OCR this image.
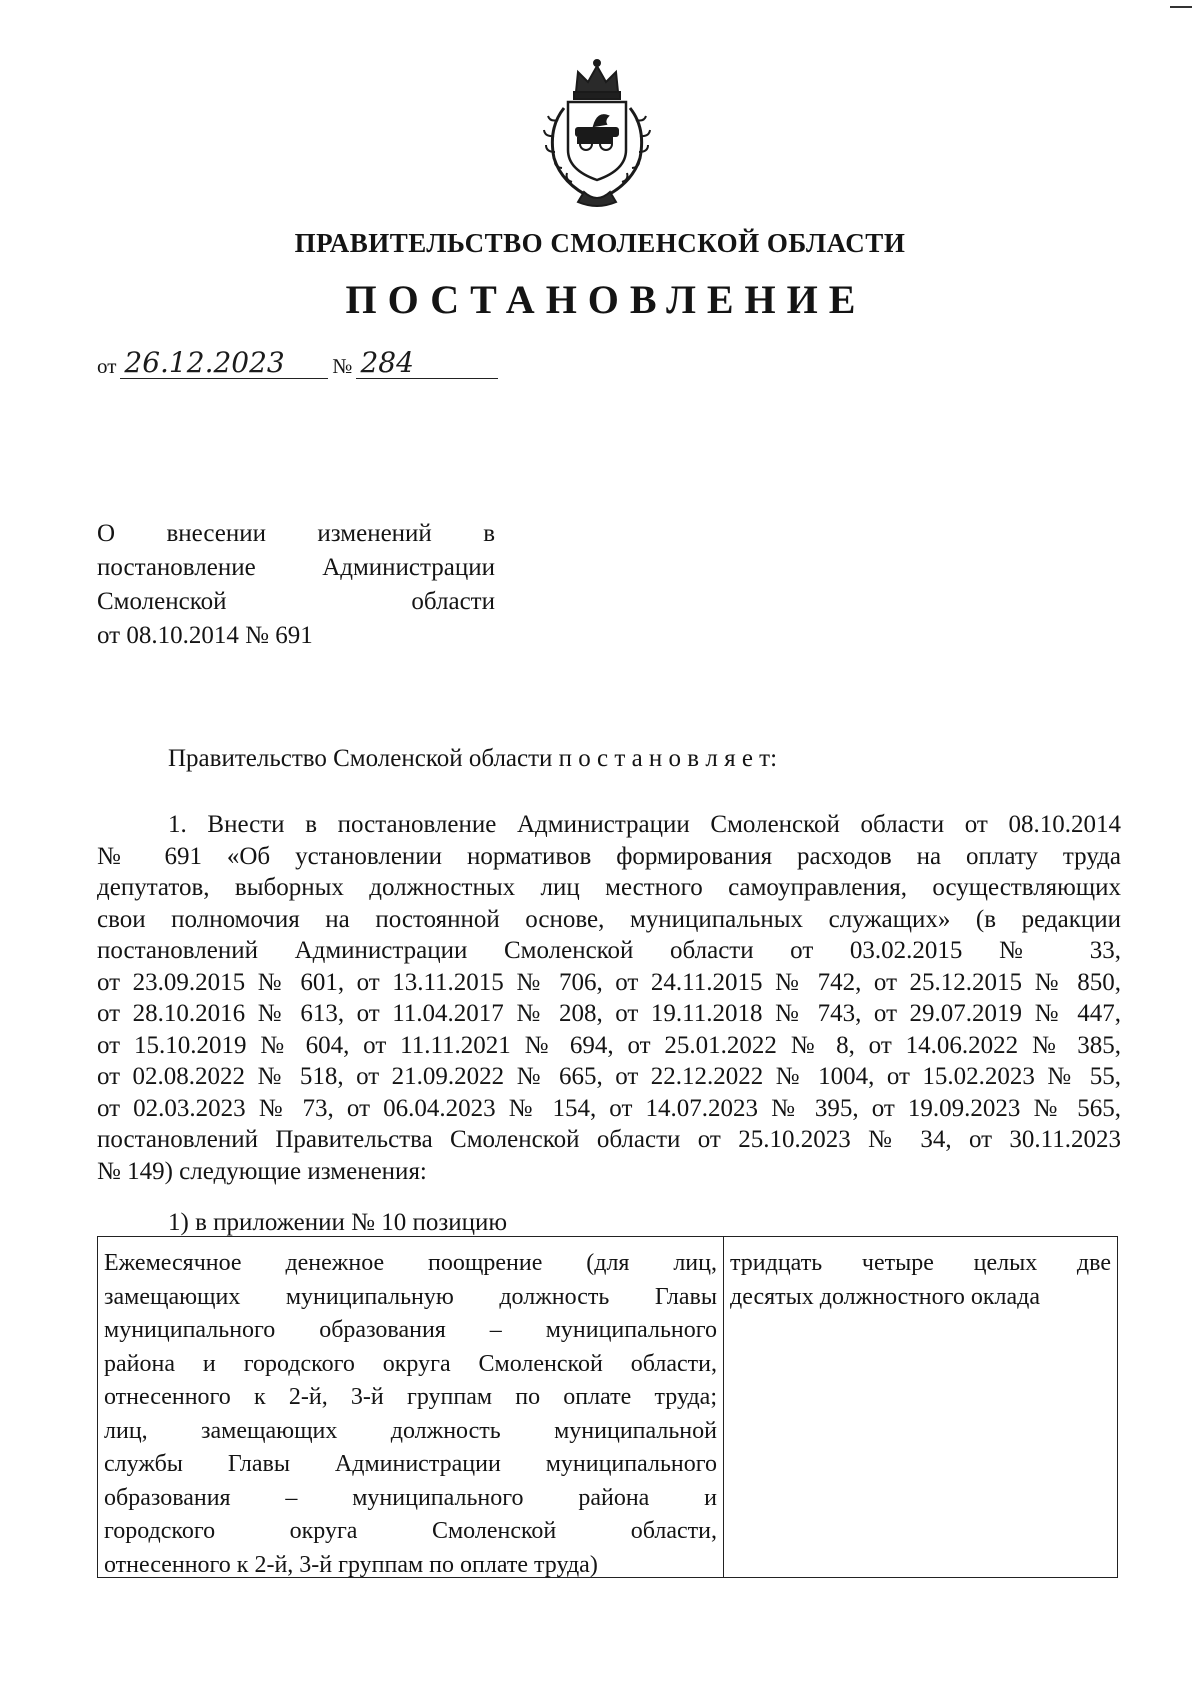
ПРАВИТЕЛЬСТВО СМОЛЕНСКОЙ ОБЛАСТИ
ПОСТАНОВЛЕНИЕ
от 26.12.2023	№ 284
О внесении изменений в
постановление Администрации
Смоленской области
от 08.10.2014 № 691
Правительство Смоленской области п о с т а н о в л я е т:
1. Внести в постановление Администрации Смоленской области от 08.10.2014
№ 691 «Об установлении нормативов формирования расходов на оплату труда
депутатов, выборных должностных лиц местного самоуправления, осуществляющих
свои полномочия на постоянной основе, муниципальных служащих» (в редакции
постановлений Администрации Смоленской области от 03.02.2015 № 33,
от 23.09.2015 № 601, от 13.11.2015 № 706, от 24.11.2015 № 742, от 25.12.2015 № 850,
от 28.10.2016 № 613, от 11.04.2017 № 208, от 19.11.2018 № 743, от 29.07.2019 № 447,
от 15.10.2019 № 604, от 11.11.2021 № 694, от 25.01.2022 № 8, от 14.06.2022 № 385,
от 02.08.2022 № 518, от 21.09.2022 № 665, от 22.12.2022 № 1004, от 15.02.2023 № 55,
от 02.03.2023 № 73, от 06.04.2023 № 154, от 14.07.2023 № 395, от 19.09.2023 № 565,
постановлений Правительства Смоленской области от 25.10.2023 № 34, от 30.11.2023
№ 149) следующие изменения:
1) в приложении № 10 позицию
Ежемесячное денежное поощрение (для лиц,
замещающих муниципальную должность Главы
муниципального образования – муниципального
района и городского округа Смоленской области,
отнесенного к 2-й, 3-й группам по оплате труда;
лиц, замещающих должность муниципальной
службы Главы Администрации муниципального
образования – муниципального района и
городского округа Смоленской области,
отнесенного к 2-й, 3-й группам по оплате труда)
тридцать четыре целых две
десятых должностного оклада
